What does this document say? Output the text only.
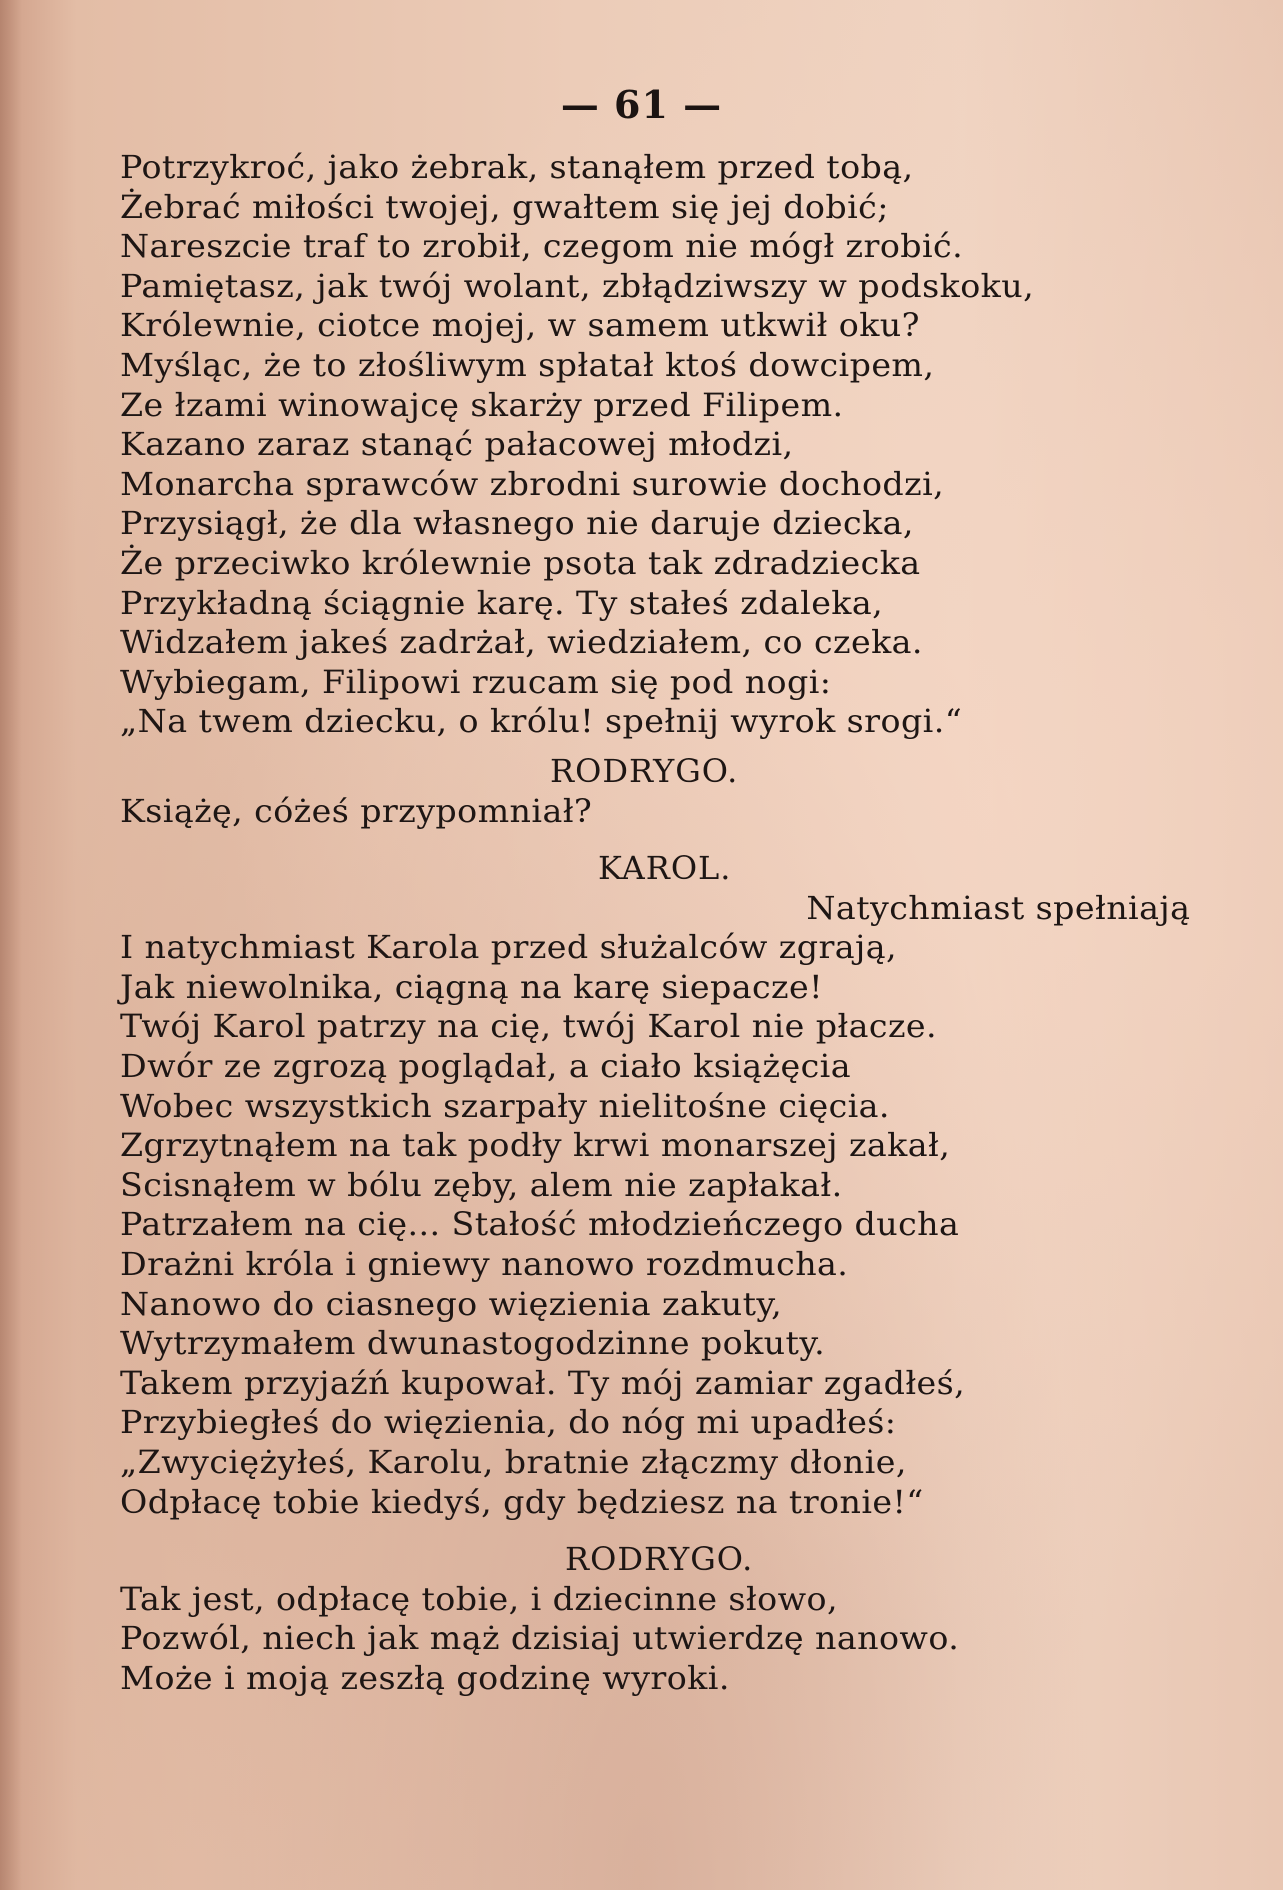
— 61 —
Potrzykroć, jako żebrak, stanąłem przed tobą,
Żebrać miłości twojej, gwałtem się jej dobić;
Nareszcie traf to zrobił, czegom nie mógł zrobić.
Pamiętasz, jak twój wolant, zbłądziwszy w podskoku,
Królewnie, ciotce mojej, w samem utkwił oku?
Myśląc, że to złośliwym spłatał ktoś dowcipem,
Ze łzami winowajcę skarży przed Filipem.
Kazano zaraz stanąć pałacowej młodzi,
Monarcha sprawców zbrodni surowie dochodzi,
Przysiągł, że dla własnego nie daruje dziecka,
Że przeciwko królewnie psota tak zdradziecka
Przykładną ściągnie karę. Ty stałeś zdaleka,
Widzałem jakeś zadrżał, wiedziałem, co czeka.
Wybiegam, Filipowi rzucam się pod nogi:
„Na twem dziecku, o królu! spełnij wyrok srogi.“
RODRYGO.
Książę, cóżeś przypomniał?
KAROL.
Natychmiast spełniają
I natychmiast Karola przed służalców zgrają,
Jak niewolnika, ciągną na karę siepacze!
Twój Karol patrzy na cię, twój Karol nie płacze.
Dwór ze zgrozą poglądał, a ciało książęcia
Wobec wszystkich szarpały nielitośne cięcia.
Zgrzytnąłem na tak podły krwi monarszej zakał,
Scisnąłem w bólu zęby, alem nie zapłakał.
Patrzałem na cię... Stałość młodzieńczego ducha
Drażni króla i gniewy nanowo rozdmucha.
Nanowo do ciasnego więzienia zakuty,
Wytrzymałem dwunastogodzinne pokuty.
Takem przyjaźń kupował. Ty mój zamiar zgadłeś,
Przybiegłeś do więzienia, do nóg mi upadłeś:
„Zwyciężyłeś, Karolu, bratnie złączmy dłonie,
Odpłacę tobie kiedyś, gdy będziesz na tronie!“
RODRYGO.
Tak jest, odpłacę tobie, i dziecinne słowo,
Pozwól, niech jak mąż dzisiaj utwierdzę nanowo.
Może i moją zeszłą godzinę wyroki.
